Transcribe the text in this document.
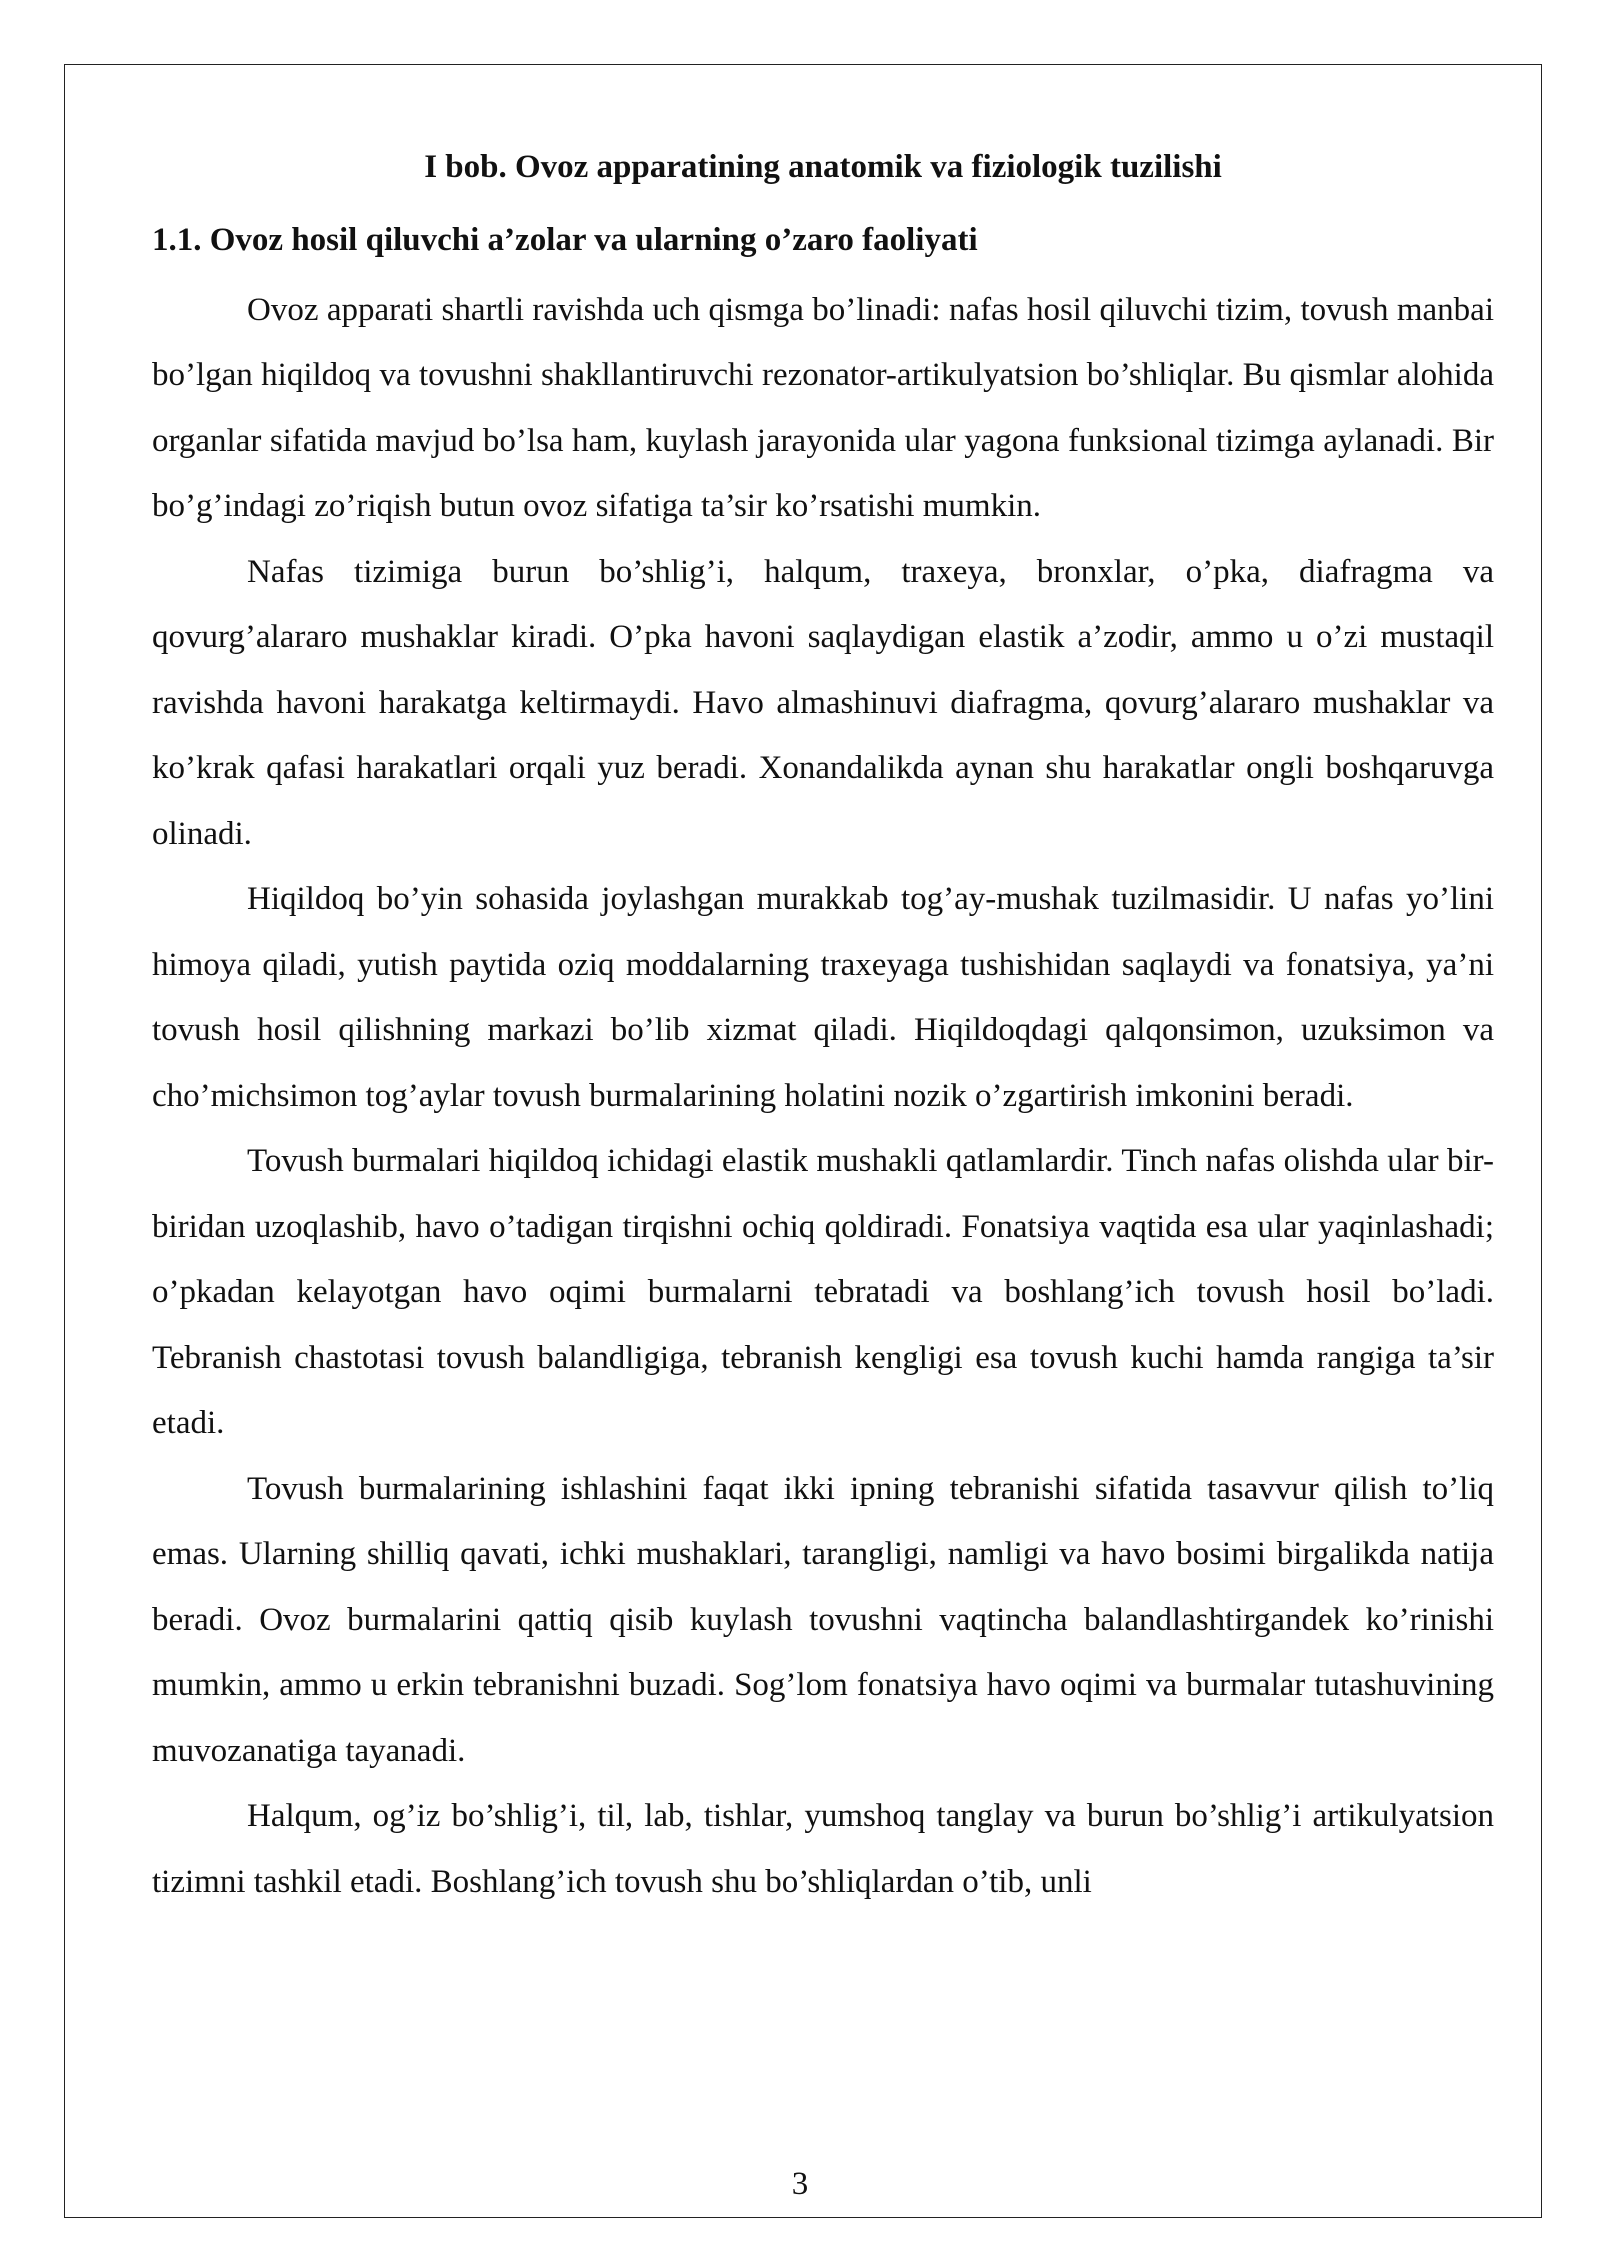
I bob. Ovoz apparatining anatomik va fiziologik tuzilishi
1.1. Ovoz hosil qiluvchi a’zolar va ularning o’zaro faoliyati

Ovoz apparati shartli ravishda uch qismga bo’linadi: nafas hosil qiluvchi tizim, tovush manbai bo’lgan hiqildoq va tovushni shakllantiruvchi rezonator-artikulyatsion bo’shliqlar. Bu qismlar alohida organlar sifatida mavjud bo’lsa ham, kuylash jarayonida ular yagona funksional tizimga aylanadi. Bir bo’g’indagi zo’riqish butun ovoz sifatiga ta’sir ko’rsatishi mumkin.

Nafas tizimiga burun bo’shlig’i, halqum, traxeya, bronxlar, o’pka, diafragma va qovurg’alararo mushaklar kiradi. O’pka havoni saqlaydigan elastik a’zodir, ammo u o’zi mustaqil ravishda havoni harakatga keltirmaydi. Havo almashinuvi diafragma, qovurg’alararo mushaklar va ko’krak qafasi harakatlari orqali yuz beradi. Xonandalikda aynan shu harakatlar ongli boshqaruvga olinadi.

Hiqildoq bo’yin sohasida joylashgan murakkab tog’ay-mushak tuzilmasidir. U nafas yo’lini himoya qiladi, yutish paytida oziq moddalarning traxeyaga tushishidan saqlaydi va fonatsiya, ya’ni tovush hosil qilishning markazi bo’lib xizmat qiladi. Hiqildoqdagi qalqonsimon, uzuksimon va cho’michsimon tog’aylar tovush burmalarining holatini nozik o’zgartirish imkonini beradi.

Tovush burmalari hiqildoq ichidagi elastik mushakli qatlamlardir. Tinch nafas olishda ular bir-biridan uzoqlashib, havo o’tadigan tirqishni ochiq qoldiradi. Fonatsiya vaqtida esa ular yaqinlashadi; o’pkadan kelayotgan havo oqimi burmalarni tebratadi va boshlang’ich tovush hosil bo’ladi. Tebranish chastotasi tovush balandligiga, tebranish kengligi esa tovush kuchi hamda rangiga ta’sir etadi.

Tovush burmalarining ishlashini faqat ikki ipning tebranishi sifatida tasavvur qilish to’liq emas. Ularning shilliq qavati, ichki mushaklari, tarangligi, namligi va havo bosimi birgalikda natija beradi. Ovoz burmalarini qattiq qisib kuylash tovushni vaqtincha balandlashtirgandek ko’rinishi mumkin, ammo u erkin tebranishni buzadi. Sog’lom fonatsiya havo oqimi va burmalar tutashuvining muvozanatiga tayanadi.

Halqum, og’iz bo’shlig’i, til, lab, tishlar, yumshoq tanglay va burun bo’shlig’i artikulyatsion tizimni tashkil etadi. Boshlang’ich tovush shu bo’shliqlardan o’tib, unli

3
